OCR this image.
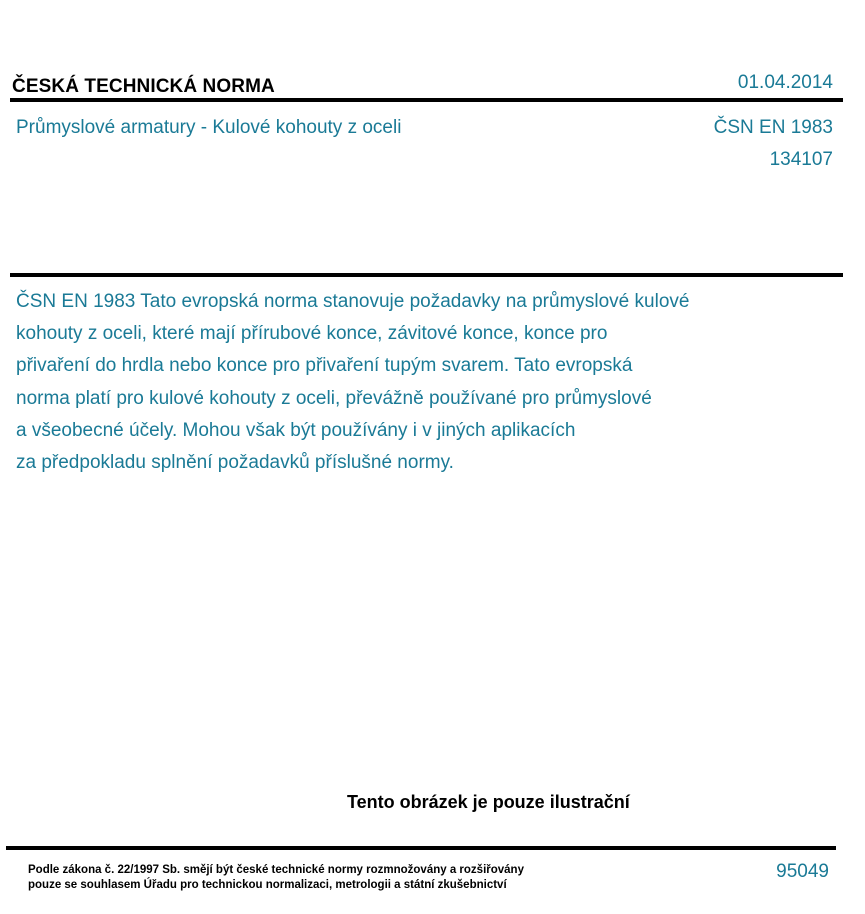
ČESKÁ TECHNICKÁ NORMA	01.04.2014
Průmyslové armatury - Kulové kohouty z oceli	ČSN EN 1983
134107
ČSN EN 1983 Tato evropská norma stanovuje požadavky na průmyslové kulové
kohouty z oceli, které mají přírubové konce, závitové konce, konce pro
přivaření do hrdla nebo konce pro přivaření tupým svarem. Tato evropská
norma platí pro kulové kohouty z oceli, převážně používané pro průmyslové
a všeobecné účely. Mohou však být používány i v jiných aplikacích
za předpokladu splnění požadavků příslušné normy.
Tento obrázek je pouze ilustrační
Podle zákona č. 22/1997 Sb. smějí být české technické normy rozmnožovány a rozšiřovány
pouze se souhlasem Úřadu pro technickou normalizaci, metrologii a státní zkušebnictví
95049
